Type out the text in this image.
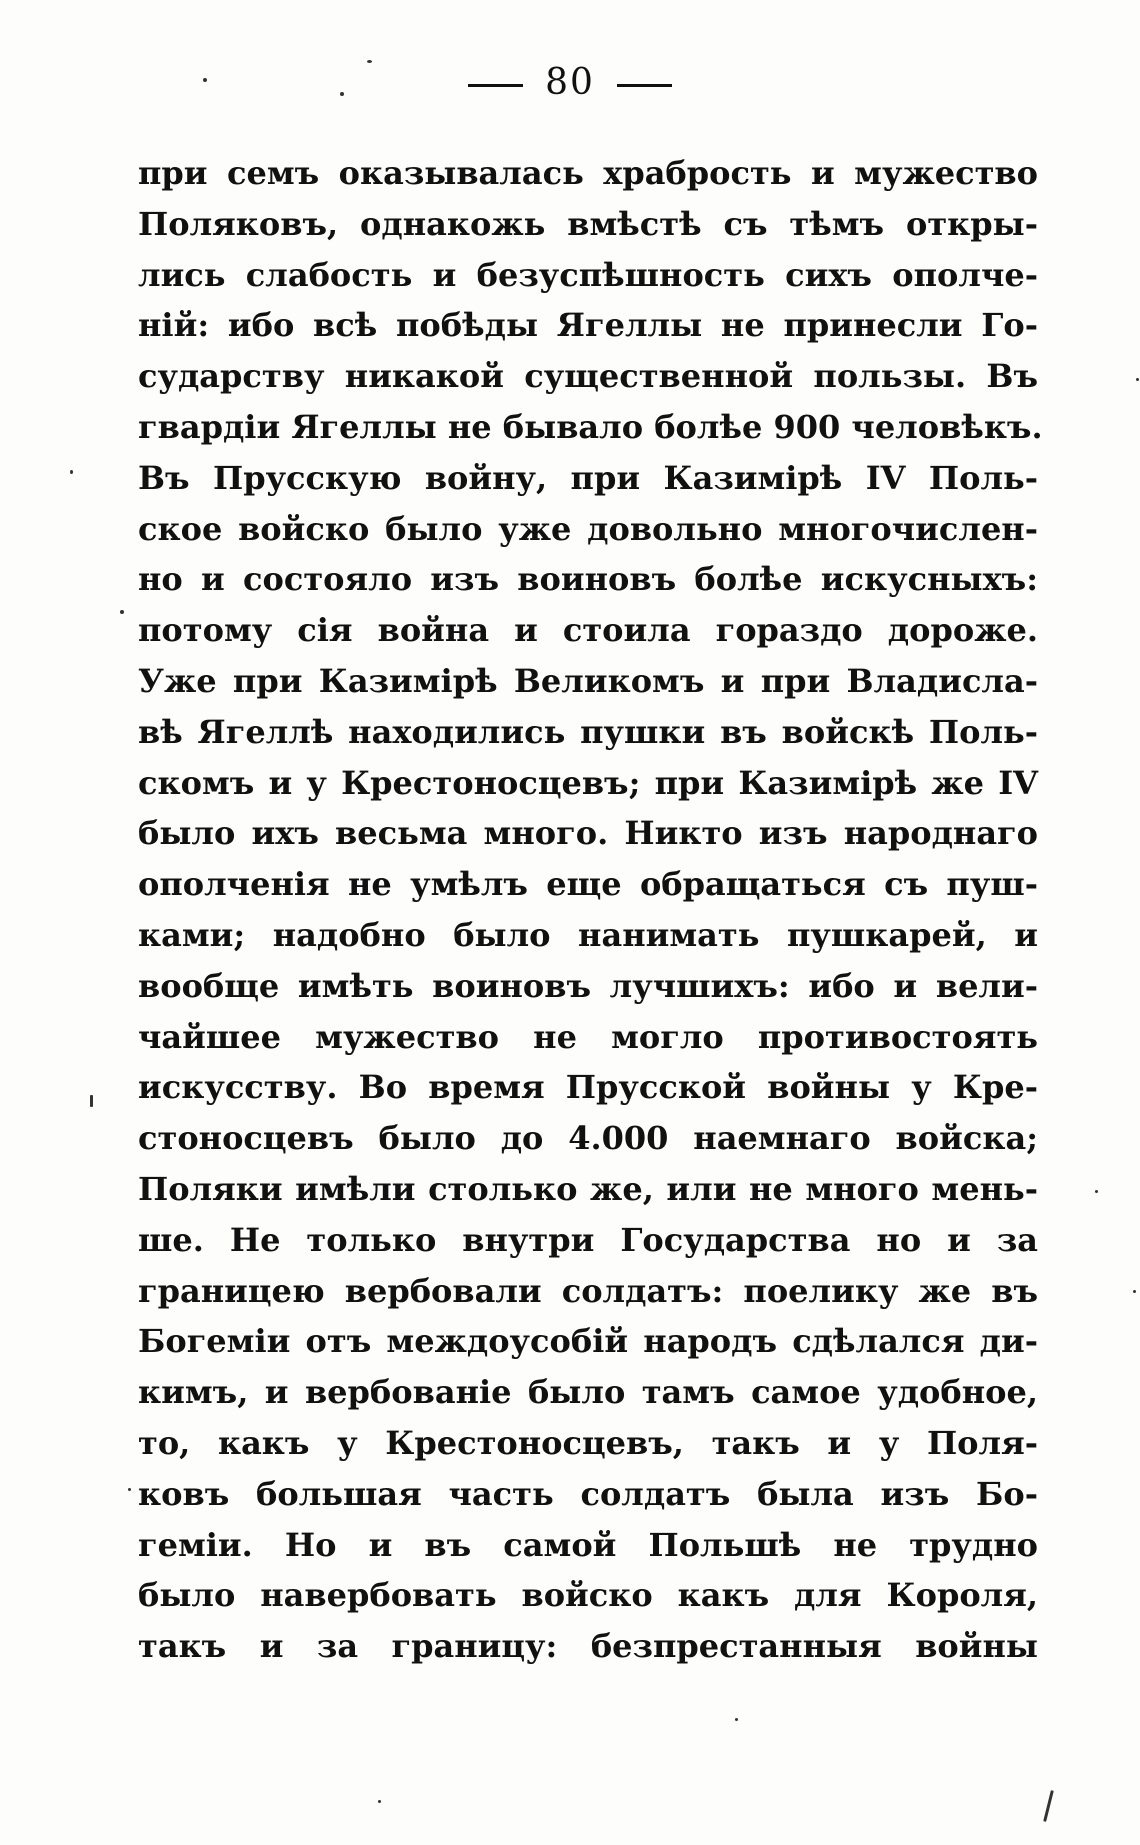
80
при семъ оказывалась храбрость и мужество
Поляковъ, однакожь вмѣстѣ съ тѣмъ откры-
лись слабость и безуспѣшность сихъ ополче-
ній: ибо всѣ побѣды Ягеллы не принесли Го-
сударству никакой существенной пользы. Въ
гвардіи Ягеллы не бывало болѣе 900 человѣкъ.
Въ Прусскую войну, при Казимірѣ IV Поль-
ское войско было уже довольно многочислен-
но и состояло изъ воиновъ болѣе искусныхъ:
потому сія война и стоила гораздо дороже.
Уже при Казимірѣ Великомъ и при Владисла-
вѣ Ягеллѣ находились пушки въ войскѣ Поль-
скомъ и у Крестоносцевъ; при Казимірѣ же IV
было ихъ весьма много. Никто изъ народнаго
ополченія не умѣлъ еще обращаться съ пуш-
ками; надобно было нанимать пушкарей, и
вообще имѣть воиновъ лучшихъ: ибо и вели-
чайшее мужество не могло противостоять
искусству. Во время Прусской войны у Кре-
стоносцевъ было до 4.000 наемнаго войска;
Поляки имѣли столько же, или не много мень-
ше. Не только внутри Государства но и за
границею вербовали солдатъ: поелику же въ
Богеміи отъ междоусобій народъ сдѣлался ди-
кимъ, и вербованіе было тамъ самое удобное,
то, какъ у Крестоносцевъ, такъ и у Поля-
ковъ большая часть солдатъ была изъ Бо-
геміи. Но и въ самой Польшѣ не трудно
было навербовать войско какъ для Короля,
такъ и за границу: безпрестанныя войны
